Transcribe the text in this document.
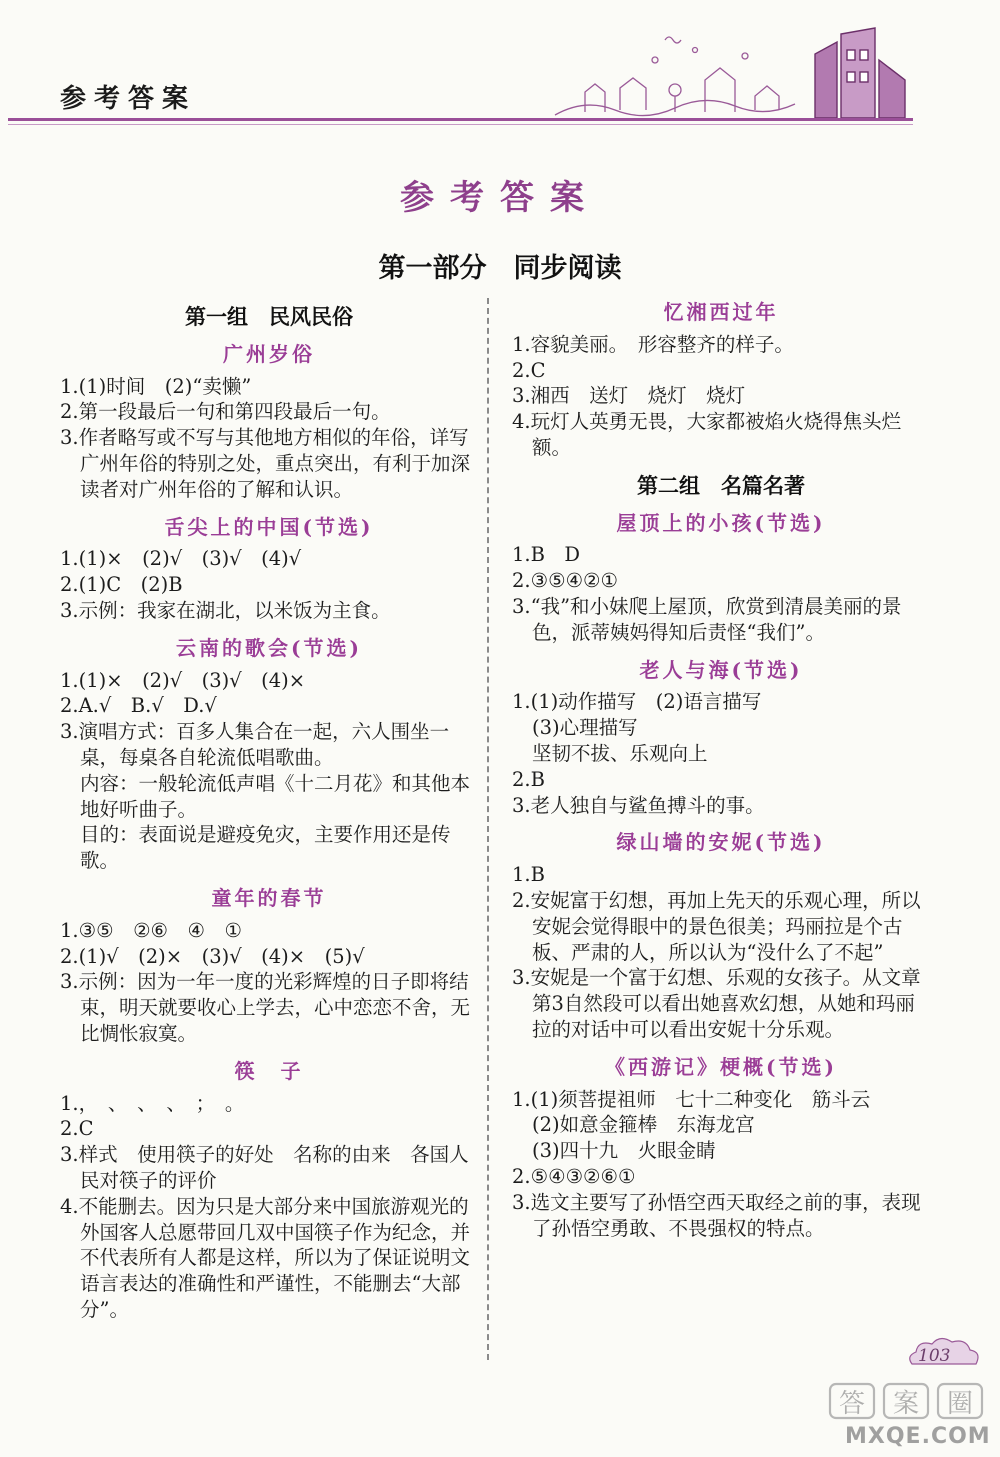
参考答案
参考答案
第一部分　同步阅读
第一组　民风民俗
广州岁俗
1.(1)时间　(2)“卖懒”
2.第一段最后一句和第四段最后一句。
3.作者略写或不写与其他地方相似的年俗，详写广州年俗的特别之处，重点突出，有利于加深读者对广州年俗的了解和认识。
舌尖上的中国(节选)
1.(1)×　(2)√　(3)√　(4)√
2.(1)C　(2)B
3.示例：我家在湖北，以米饭为主食。
云南的歌会(节选)
1.(1)×　(2)√　(3)√　(4)×
2.A.√　B.√　D.√
3.演唱方式：百多人集合在一起，六人围坐一桌，每桌各自轮流低唱歌曲。
内容：一般轮流低声唱《十二月花》和其他本地好听曲子。
目的：表面说是避疫免灾，主要作用还是传歌。
童年的春节
1.③⑤　②⑥　④　①
2.(1)√　(2)×　(3)√　(4)×　(5)√
3.示例：因为一年一度的光彩辉煌的日子即将结束，明天就要收心上学去，心中恋恋不舍，无比惆怅寂寞。
筷　子
1.，　、　、　、　；　。
2.C
3.样式　使用筷子的好处　名称的由来　各国人民对筷子的评价
4.不能删去。因为只是大部分来中国旅游观光的外国客人总愿带回几双中国筷子作为纪念，并不代表所有人都是这样，所以为了保证说明文语言表达的准确性和严谨性，不能删去“大部分”。
忆湘西过年
1.容貌美丽。　形容整齐的样子。
2.C
3.湘西　送灯　烧灯　烧灯
4.玩灯人英勇无畏，大家都被焰火烧得焦头烂额。
第二组　名篇名著
屋顶上的小孩(节选)
1.B　D
2.③⑤④②①
3.“我”和小妹爬上屋顶，欣赏到清晨美丽的景色，派蒂姨妈得知后责怪“我们”。
老人与海(节选)
1.(1)动作描写　(2)语言描写
(3)心理描写
坚韧不拔、乐观向上
2.B
3.老人独自与鲨鱼搏斗的事。
绿山墙的安妮(节选)
1.B
2.安妮富于幻想，再加上先天的乐观心理，所以安妮会觉得眼中的景色很美；玛丽拉是个古板、严肃的人，所以认为“没什么了不起”
3.安妮是一个富于幻想、乐观的女孩子。从文章第3自然段可以看出她喜欢幻想，从她和玛丽拉的对话中可以看出安妮十分乐观。
《西游记》梗概(节选)
1.(1)须菩提祖师　七十二种变化　筋斗云
(2)如意金箍棒　东海龙宫
(3)四十九　火眼金睛
2.⑤④③②⑥①
3.选文主要写了孙悟空西天取经之前的事，表现了孙悟空勇敢、不畏强权的特点。
103
答 案 圈
MXQE.COM
